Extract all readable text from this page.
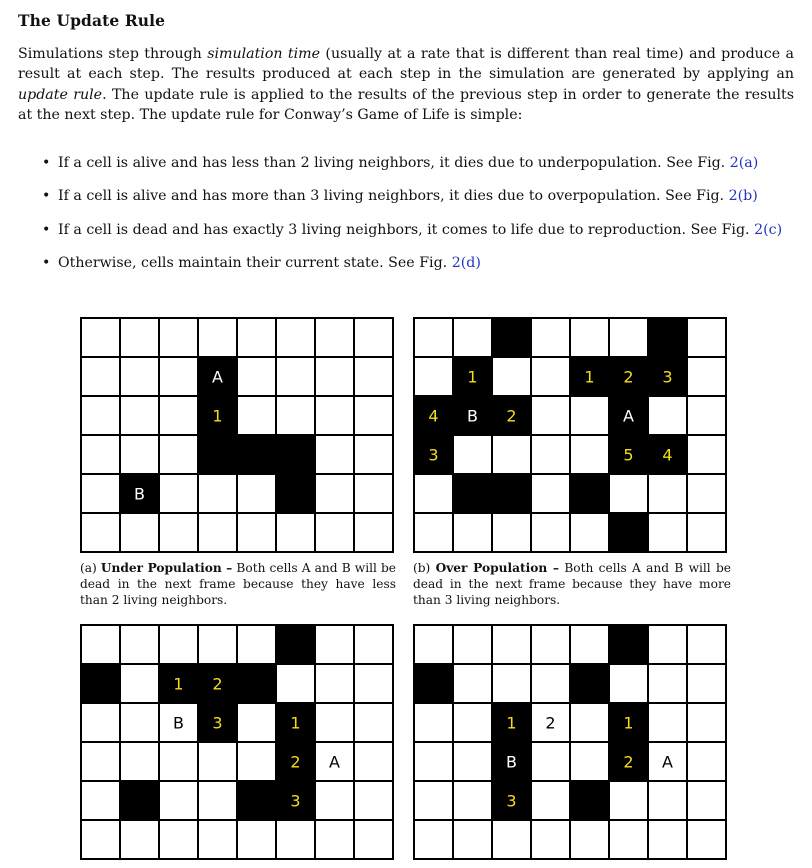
The Update Rule

Simulations step through simulation time (usually at a rate that is different than real time) and produce a result at each step. The results produced at each step in the simulation are generated by applying an update rule. The update rule is applied to the results of the previous step in order to generate the results at the next step. The update rule for Conway’s Game of Life is simple:

• If a cell is alive and has less than 2 living neighbors, it dies due to underpopulation. See Fig. 2(a)
• If a cell is alive and has more than 3 living neighbors, it dies due to overpopulation. See Fig. 2(b)
• If a cell is dead and has exactly 3 living neighbors, it comes to life due to reproduction. See Fig. 2(c)
• Otherwise, cells maintain their current state. See Fig. 2(d)
A
1
B
1	1 2 3
4 B 2	A
3	5 4
1 2
B 3	1
2 A
3
1 2	1
B	2 A
3
(a) Under Population – Both cells A and B will be dead in the next frame because they have less than 2 living neighbors.
(b) Over Population – Both cells A and B will be dead in the next frame because they have more than 3 living neighbors.
